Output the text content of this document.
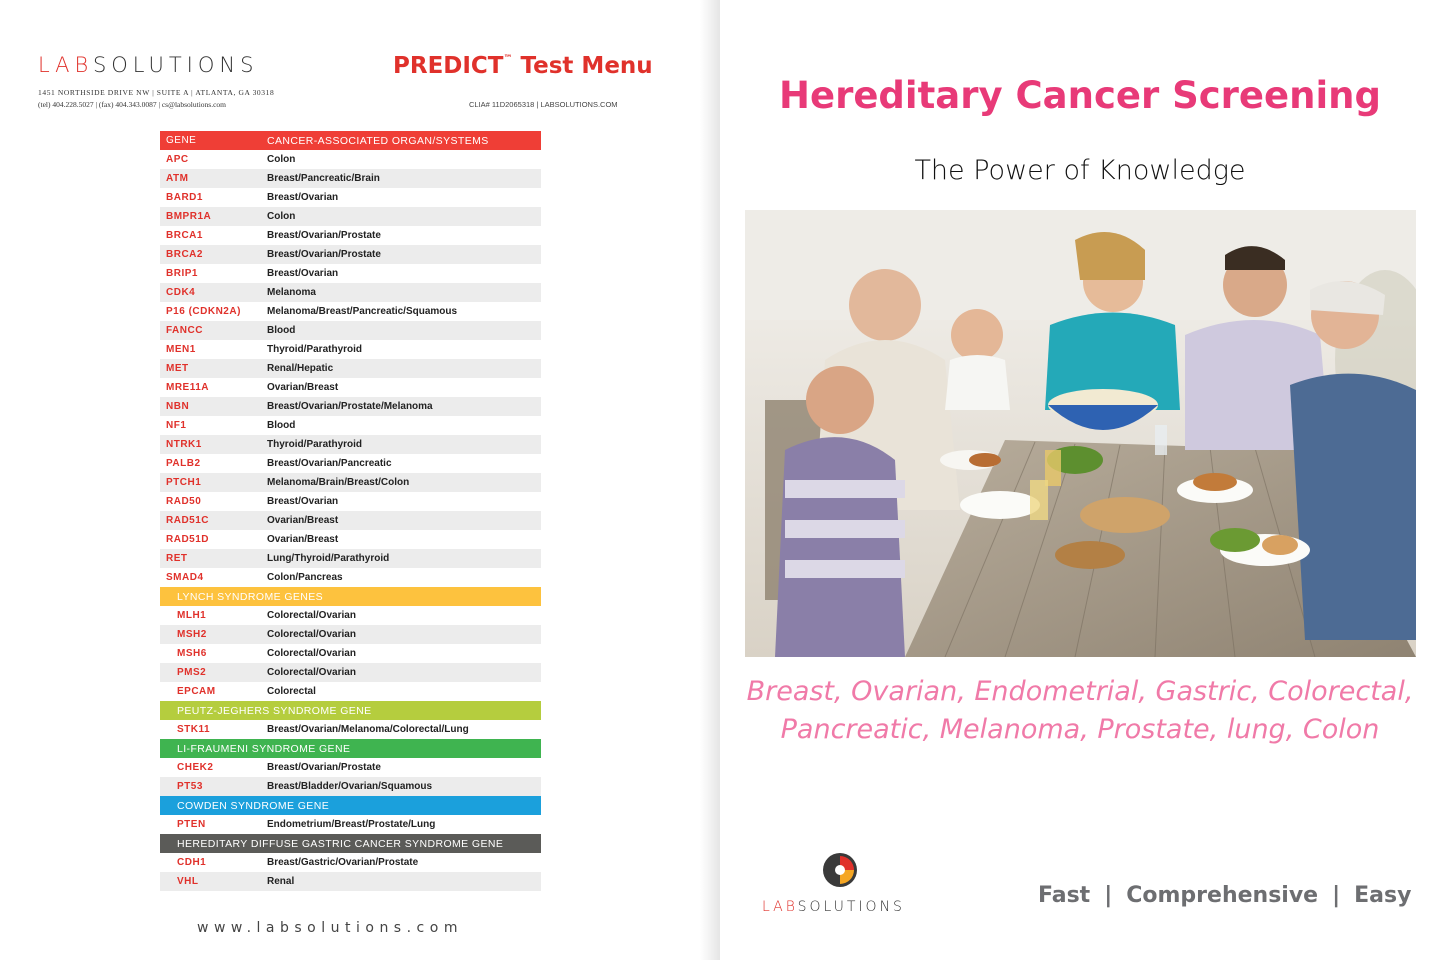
LABSOLUTIONS
1451 NORTHSIDE DRIVE NW | SUITE A | ATLANTA, GA 30318
(tel) 404.228.5027 | (fax) 404.343.0087 | cs@labsolutions.com
PREDICT™ Test Menu
CLIA# 11D2065318 | LABSOLUTIONS.COM
GENE	CANCER-ASSOCIATED ORGAN/SYSTEMS
APC	Colon
ATM	Breast/Pancreatic/Brain
BARD1	Breast/Ovarian
BMPR1A	Colon
BRCA1	Breast/Ovarian/Prostate
BRCA2	Breast/Ovarian/Prostate
BRIP1	Breast/Ovarian
CDK4	Melanoma
P16 (CDKN2A)	Melanoma/Breast/Pancreatic/Squamous
FANCC	Blood
MEN1	Thyroid/Parathyroid
MET	Renal/Hepatic
MRE11A	Ovarian/Breast
NBN	Breast/Ovarian/Prostate/Melanoma
NF1	Blood
NTRK1	Thyroid/Parathyroid
PALB2	Breast/Ovarian/Pancreatic
PTCH1	Melanoma/Brain/Breast/Colon
RAD50	Breast/Ovarian
RAD51C	Ovarian/Breast
RAD51D	Ovarian/Breast
RET	Lung/Thyroid/Parathyroid
SMAD4	Colon/Pancreas
LYNCH SYNDROME GENES
MLH1	Colorectal/Ovarian
MSH2	Colorectal/Ovarian
MSH6	Colorectal/Ovarian
PMS2	Colorectal/Ovarian
EPCAM	Colorectal
PEUTZ-JEGHERS SYNDROME GENE
STK11	Breast/Ovarian/Melanoma/Colorectal/Lung
LI-FRAUMENI SYNDROME GENE
CHEK2	Breast/Ovarian/Prostate
PT53	Breast/Bladder/Ovarian/Squamous
COWDEN SYNDROME GENE
PTEN	Endometrium/Breast/Prostate/Lung
HEREDITARY DIFFUSE GASTRIC CANCER SYNDROME GENE
CDH1	Breast/Gastric/Ovarian/Prostate
VHL	Renal
www.labsolutions.com
Hereditary Cancer Screening
The Power of Knowledge
Breast, Ovarian, Endometrial, Gastric, Colorectal,
Pancreatic, Melanoma, Prostate, lung, Colon
LABSOLUTIONS	Fast | Comprehensive | Easy
